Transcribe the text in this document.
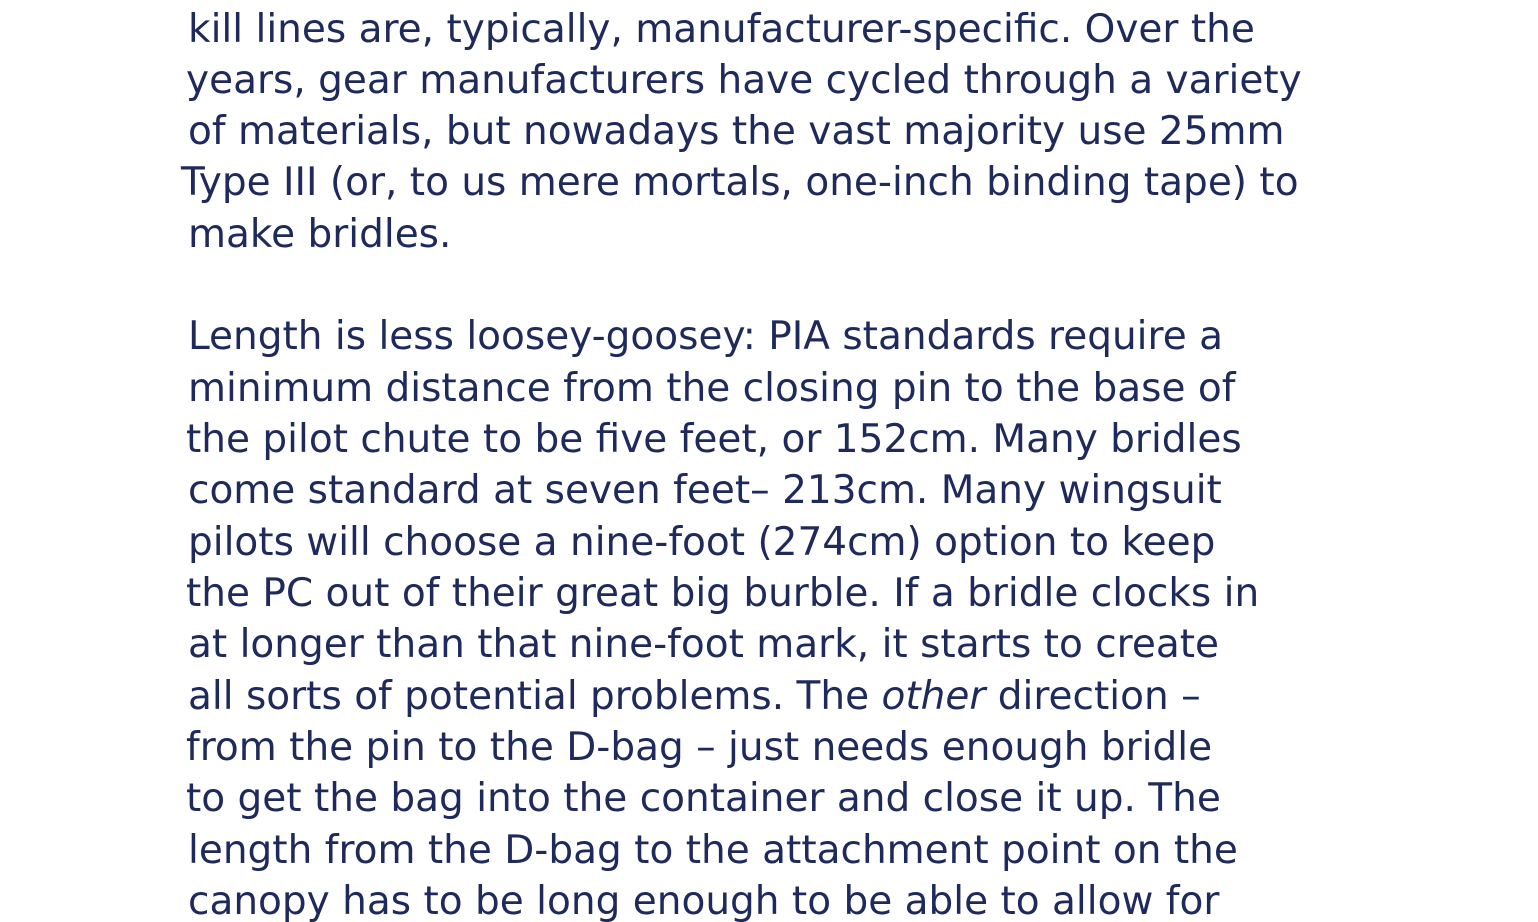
kill lines are, typically, manufacturer-specific. Over the

years, gear manufacturers have cycled through a variety

of materials, but nowadays the vast majority use 25mm

Type III (or, to us mere mortals, one-inch binding tape) to

make bridles.

Length is less loosey-goosey: PIA standards require a

minimum distance from the closing pin to the base of

the pilot chute to be five feet, or 152cm. Many bridles

come standard at seven feet– 213cm. Many wingsuit

pilots will choose a nine-foot (274cm) option to keep

the PC out of their great big burble. If a bridle clocks in

at longer than that nine-foot mark, it starts to create

all sorts of potential problems. The other direction –

from the pin to the D-bag – just needs enough bridle

to get the bag into the container and close it up. The

length from the D-bag to the attachment point on the

canopy has to be long enough to be able to allow for
